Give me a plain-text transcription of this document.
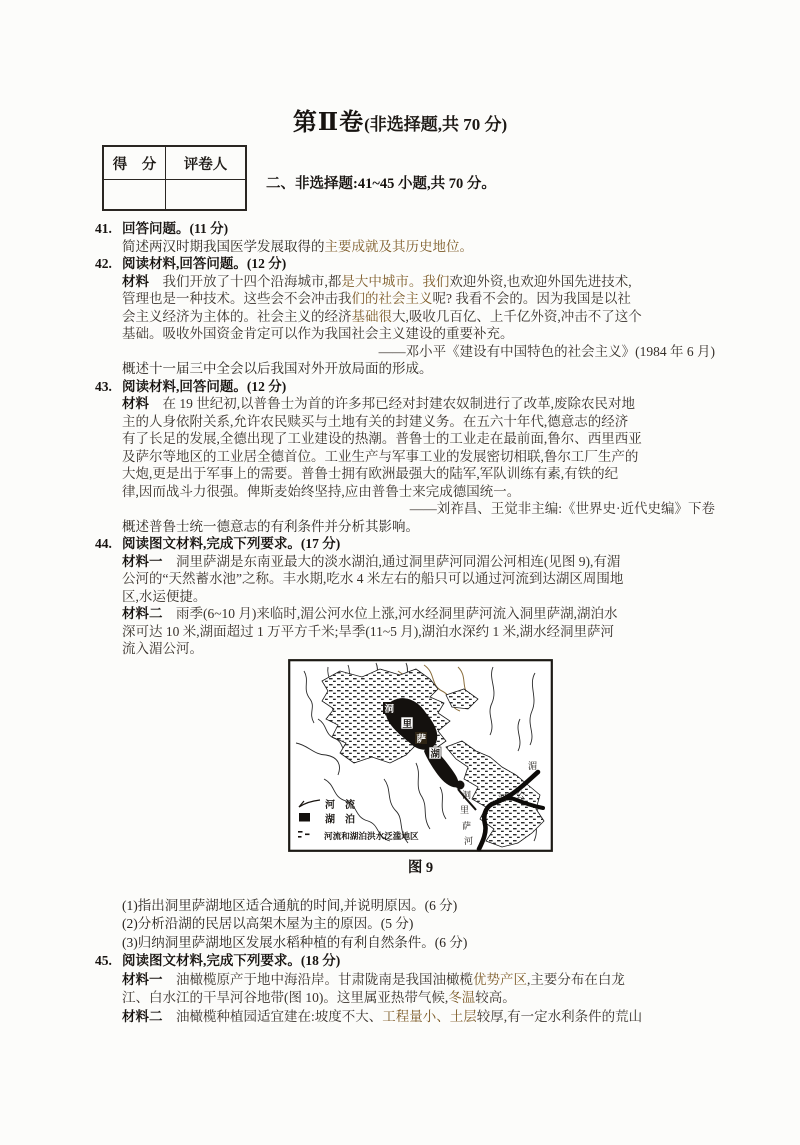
第Ⅱ卷(非选择题,共 70 分)
得　分	评卷人
二、非选择题:41~45 小题,共 70 分。
41. 回答问题。(11 分)
简述两汉时期我国医学发展取得的主要成就及其历史地位。
42. 阅读材料,回答问题。(12 分)
材料　我们开放了十四个沿海城市,都是大中城市。我们欢迎外资,也欢迎外国先进技术,
管理也是一种技术。这些会不会冲击我们的社会主义呢? 我看不会的。因为我国是以社
会主义经济为主体的。社会主义的经济基础很大,吸收几百亿、上千亿外资,冲击不了这个
基础。吸收外国资金肯定可以作为我国社会主义建设的重要补充。
——邓小平《建设有中国特色的社会主义》(1984 年 6 月)
概述十一届三中全会以后我国对外开放局面的形成。
43. 阅读材料,回答问题。(12 分)
材料　在 19 世纪初,以普鲁士为首的许多邦已经对封建农奴制进行了改革,废除农民对地
主的人身依附关系,允许农民赎买与土地有关的封建义务。在五六十年代,德意志的经济
有了长足的发展,全德出现了工业建设的热潮。普鲁士的工业走在最前面,鲁尔、西里西亚
及萨尔等地区的工业居全德首位。工业生产与军事工业的发展密切相联,鲁尔工厂生产的
大炮,更是出于军事上的需要。普鲁士拥有欧洲最强大的陆军,军队训练有素,有铁的纪
律,因而战斗力很强。俾斯麦始终坚持,应由普鲁士来完成德国统一。
——刘祚昌、王觉非主编:《世界史·近代史编》下卷
概述普鲁士统一德意志的有利条件并分析其影响。
44. 阅读图文材料,完成下列要求。(17 分)
材料一　洞里萨湖是东南亚最大的淡水湖泊,通过洞里萨河同湄公河相连(见图 9),有湄
公河的“天然蓄水池”之称。丰水期,吃水 4 米左右的船只可以通过河流到达湖区周围地
区,水运便捷。
材料二　雨季(6~10 月)来临时,湄公河水位上涨,河水经洞里萨河流入洞里萨湖,湖泊水
深可达 10 米,湖面超过 1 万平方千米;旱季(11~5 月),湖泊水深约 1 米,湖水经洞里萨河
流入湄公河。
洞
里
萨
湖
洞
里
萨
河
湄
公
河
河　流
湖　泊
河流和湖泊洪水泛滥地区
图 9
(1)指出洞里萨湖地区适合通航的时间,并说明原因。(6 分)
(2)分析沿湖的民居以高架木屋为主的原因。(5 分)
(3)归纳洞里萨湖地区发展水稻种植的有利自然条件。(6 分)
45. 阅读图文材料,完成下列要求。(18 分)
材料一　油橄榄原产于地中海沿岸。甘肃陇南是我国油橄榄优势产区,主要分布在白龙
江、白水江的干旱河谷地带(图 10)。这里属亚热带气候,冬温较高。
材料二　油橄榄种植园适宜建在:坡度不大、工程量小、土层较厚,有一定水利条件的荒山
